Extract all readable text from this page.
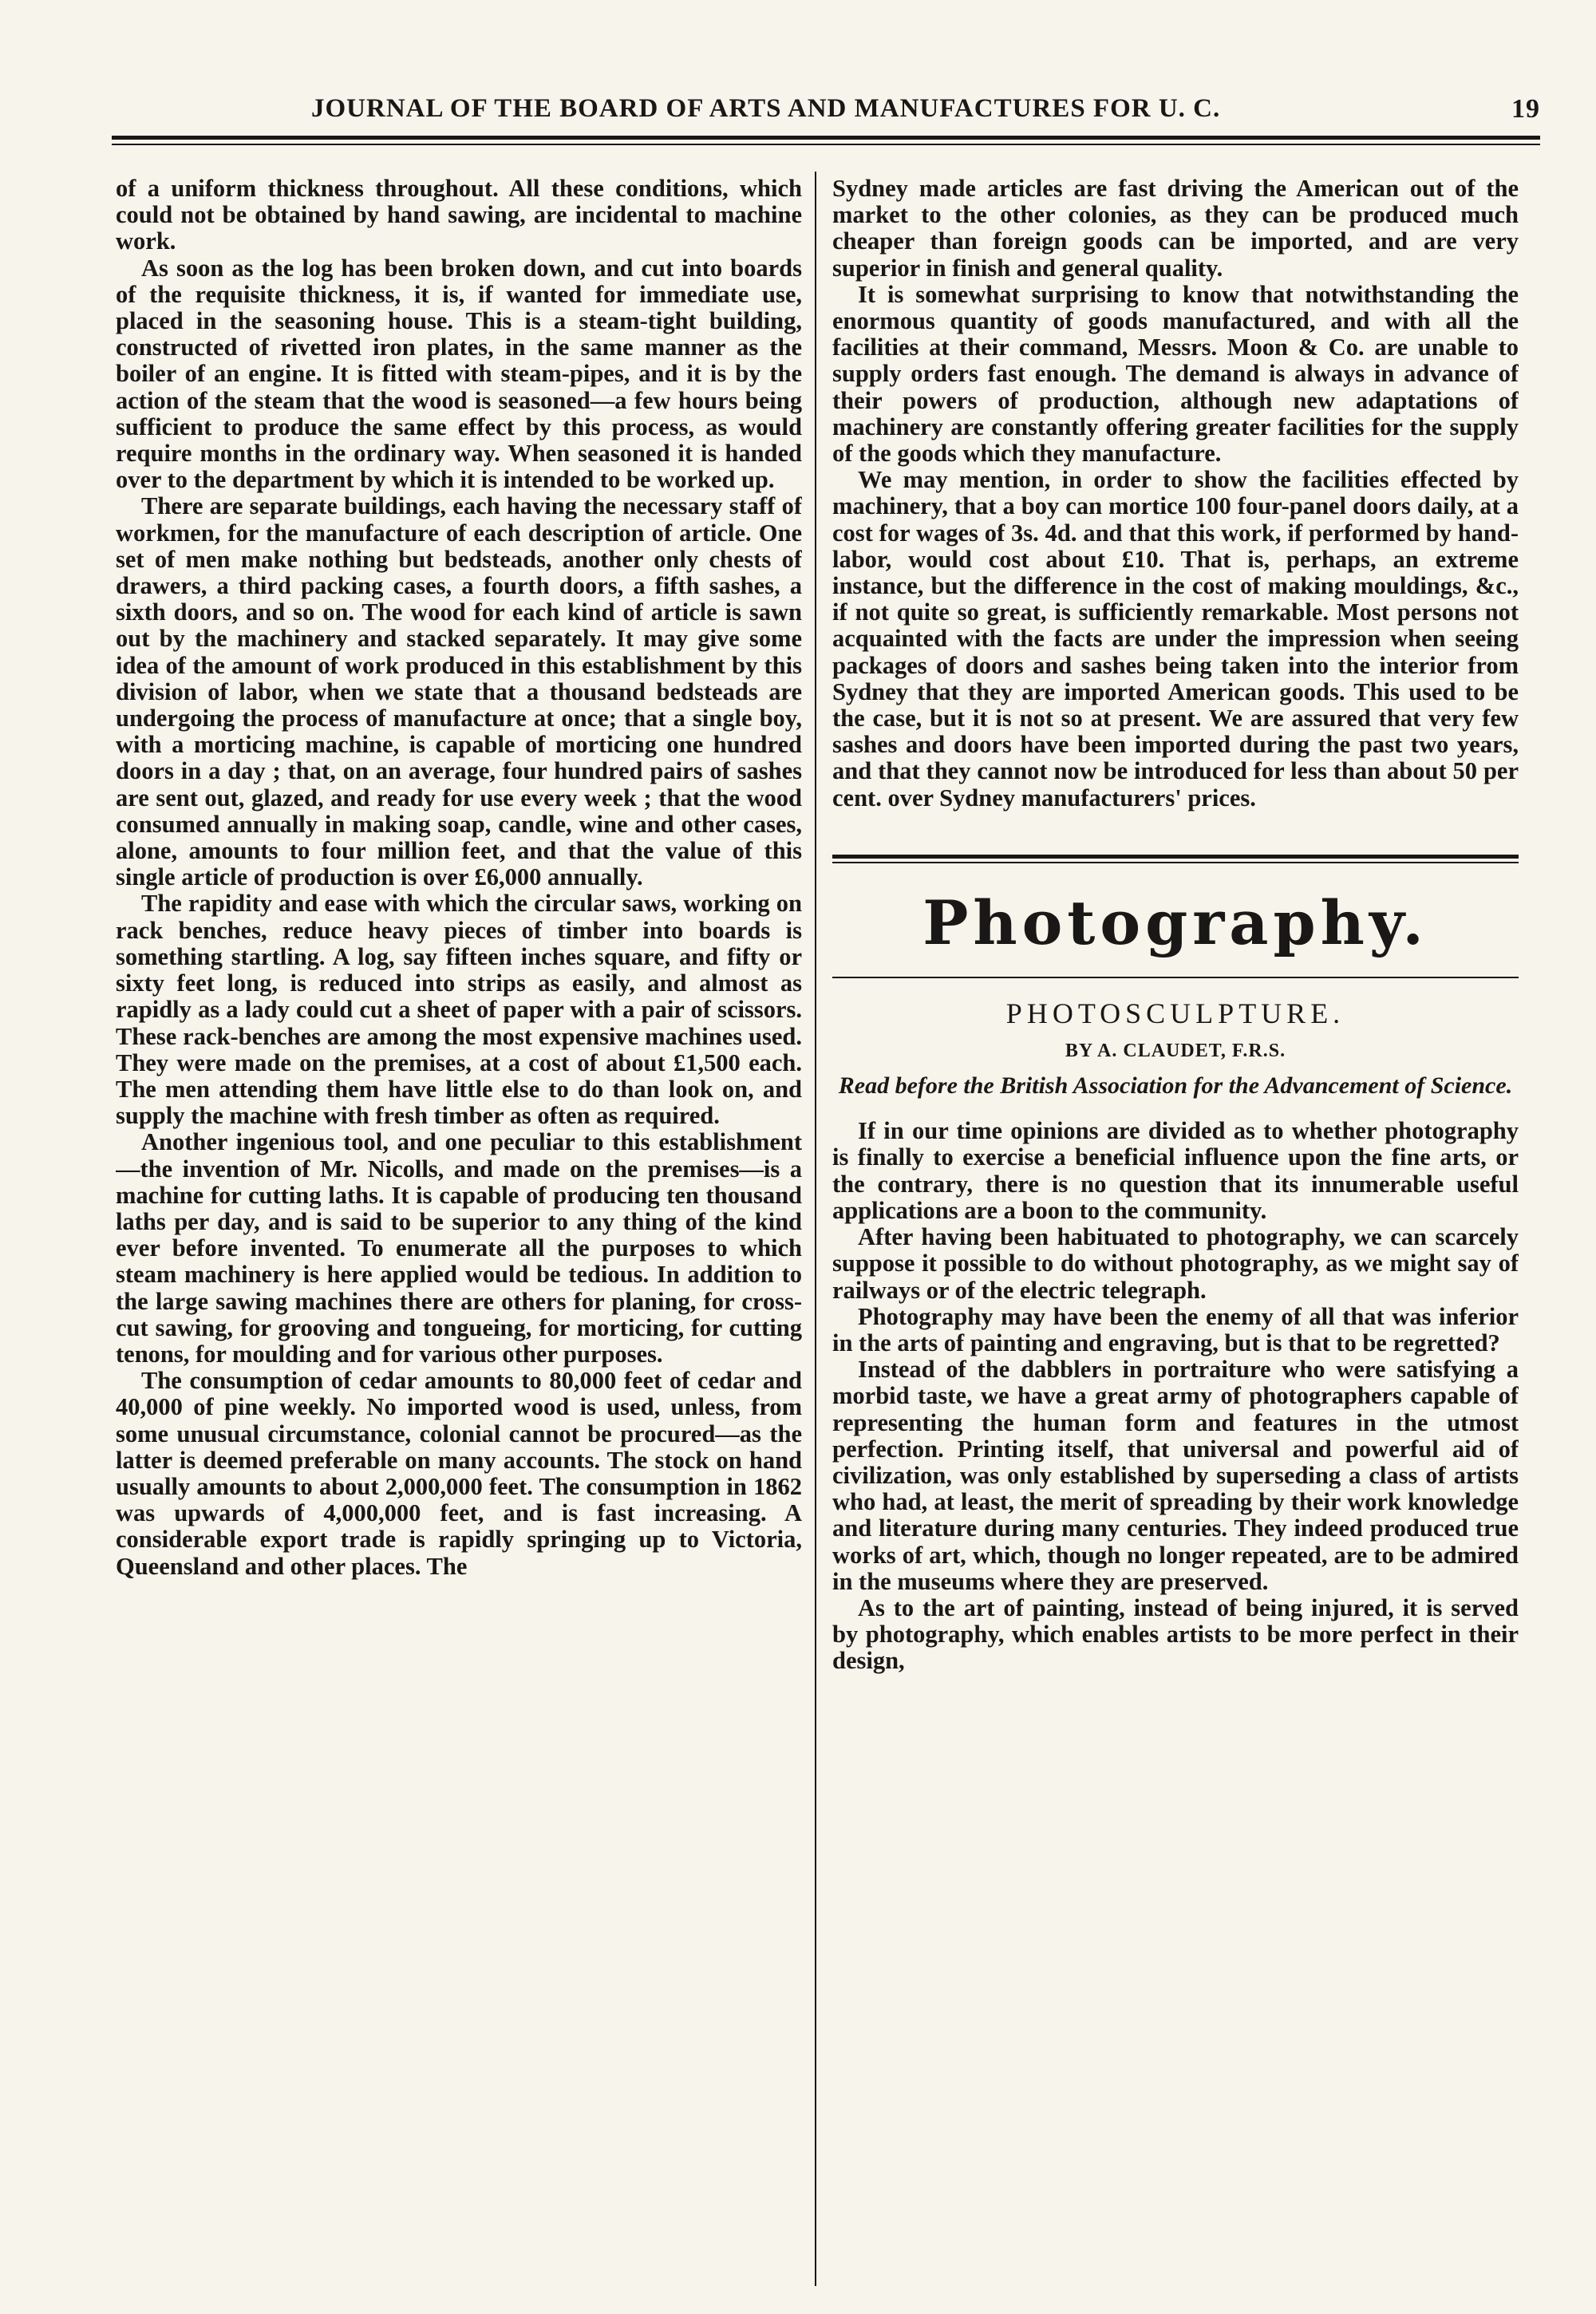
JOURNAL OF THE BOARD OF ARTS AND MANUFACTURES FOR U. C.	19

of a uniform thickness throughout. All these conditions, which could not be obtained by hand sawing, are incidental to machine work.

As soon as the log has been broken down, and cut into boards of the requisite thickness, it is, if wanted for immediate use, placed in the seasoning house. This is a steam-tight building, constructed of rivetted iron plates, in the same manner as the boiler of an engine. It is fitted with steam-pipes, and it is by the action of the steam that the wood is seasoned—a few hours being sufficient to produce the same effect by this process, as would require months in the ordinary way. When seasoned it is handed over to the department by which it is intended to be worked up.

There are separate buildings, each having the necessary staff of workmen, for the manufacture of each description of article. One set of men make nothing but bedsteads, another only chests of drawers, a third packing cases, a fourth doors, a fifth sashes, a sixth doors, and so on. The wood for each kind of article is sawn out by the machinery and stacked separately. It may give some idea of the amount of work produced in this establishment by this division of labor, when we state that a thousand bedsteads are undergoing the process of manufacture at once; that a single boy, with a morticing machine, is capable of morticing one hundred doors in a day ; that, on an average, four hundred pairs of sashes are sent out, glazed, and ready for use every week ; that the wood consumed annually in making soap, candle, wine and other cases, alone, amounts to four million feet, and that the value of this single article of production is over £6,000 annually.

The rapidity and ease with which the circular saws, working on rack benches, reduce heavy pieces of timber into boards is something startling. A log, say fifteen inches square, and fifty or sixty feet long, is reduced into strips as easily, and almost as rapidly as a lady could cut a sheet of paper with a pair of scissors. These rack-benches are among the most expensive machines used. They were made on the premises, at a cost of about £1,500 each. The men attending them have little else to do than look on, and supply the machine with fresh timber as often as required.

Another ingenious tool, and one peculiar to this establishment—the invention of Mr. Nicolls, and made on the premises—is a machine for cutting laths. It is capable of producing ten thousand laths per day, and is said to be superior to any thing of the kind ever before invented. To enumerate all the purposes to which steam machinery is here applied would be tedious. In addition to the large sawing machines there are others for planing, for cross-cut sawing, for grooving and tongueing, for morticing, for cutting tenons, for moulding and for various other purposes.

The consumption of cedar amounts to 80,000 feet of cedar and 40,000 of pine weekly. No imported wood is used, unless, from some unusual circumstance, colonial cannot be procured—as the latter is deemed preferable on many accounts. The stock on hand usually amounts to about 2,000,000 feet. The consumption in 1862 was upwards of 4,000,000 feet, and is fast increasing. A considerable export trade is rapidly springing up to Victoria, Queensland and other places. The

Sydney made articles are fast driving the American out of the market to the other colonies, as they can be produced much cheaper than foreign goods can be imported, and are very superior in finish and general quality.

It is somewhat surprising to know that notwithstanding the enormous quantity of goods manufactured, and with all the facilities at their command, Messrs. Moon & Co. are unable to supply orders fast enough. The demand is always in advance of their powers of production, although new adaptations of machinery are constantly offering greater facilities for the supply of the goods which they manufacture.

We may mention, in order to show the facilities effected by machinery, that a boy can mortice 100 four-panel doors daily, at a cost for wages of 3s. 4d. and that this work, if performed by hand-labor, would cost about £10. That is, perhaps, an extreme instance, but the difference in the cost of making mouldings, &c., if not quite so great, is sufficiently remarkable. Most persons not acquainted with the facts are under the impression when seeing packages of doors and sashes being taken into the interior from Sydney that they are imported American goods. This used to be the case, but it is not so at present. We are assured that very few sashes and doors have been imported during the past two years, and that they cannot now be introduced for less than about 50 per cent. over Sydney manufacturers' prices.

Photography.
PHOTOSCULPTURE.
BY A. CLAUDET, F.R.S.
Read before the British Association for the Advancement of Science.

If in our time opinions are divided as to whether photography is finally to exercise a beneficial influence upon the fine arts, or the contrary, there is no question that its innumerable useful applications are a boon to the community.

After having been habituated to photography, we can scarcely suppose it possible to do without photography, as we might say of railways or of the electric telegraph.

Photography may have been the enemy of all that was inferior in the arts of painting and engraving, but is that to be regretted?

Instead of the dabblers in portraiture who were satisfying a morbid taste, we have a great army of photographers capable of representing the human form and features in the utmost perfection. Printing itself, that universal and powerful aid of civilization, was only established by superseding a class of artists who had, at least, the merit of spreading by their work knowledge and literature during many centuries. They indeed produced true works of art, which, though no longer repeated, are to be admired in the museums where they are preserved.

As to the art of painting, instead of being injured, it is served by photography, which enables artists to be more perfect in their design,
